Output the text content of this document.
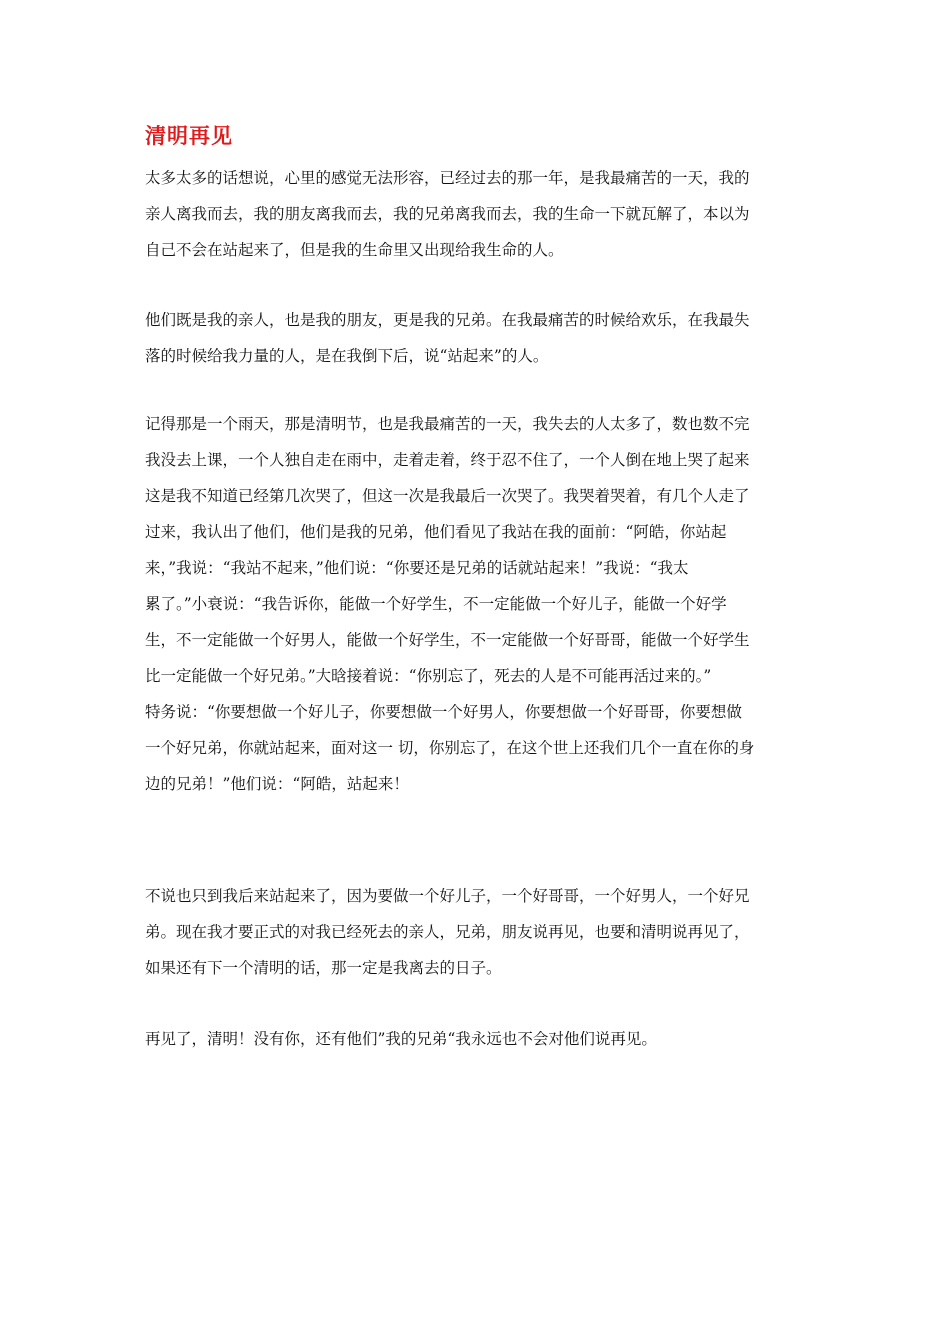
清明再见
太多太多的话想说，心里的感觉无法形容，已经过去的那一年，是我最痛苦的一天，我的
亲人离我而去，我的朋友离我而去，我的兄弟离我而去，我的生命一下就瓦解了，本以为
自己不会在站起来了，但是我的生命里又出现给我生命的人。
他们既是我的亲人，也是我的朋友，更是我的兄弟。在我最痛苦的时候给欢乐，在我最失
落的时候给我力量的人，是在我倒下后，说“站起来”的人。
记得那是一个雨天，那是清明节，也是我最痛苦的一天，我失去的人太多了，数也数不完
我没去上课，一个人独自走在雨中，走着走着，终于忍不住了，一个人倒在地上哭了起来
这是我不知道已经第几次哭了，但这一次是我最后一次哭了。我哭着哭着，有几个人走了
过来，我认出了他们，他们是我的兄弟，他们看见了我站在我的面前：“阿皓，你站起
来，”我说：“我站不起来，”他们说：“你要还是兄弟的话就站起来！”我说：“我太
累了。”小衰说：“我告诉你，能做一个好学生，不一定能做一个好儿子，能做一个好学
生，不一定能做一个好男人，能做一个好学生，不一定能做一个好哥哥，能做一个好学生
比一定能做一个好兄弟。”大晗接着说：“你别忘了，死去的人是不可能再活过来的。”
特务说：“你要想做一个好儿子，你要想做一个好男人，你要想做一个好哥哥，你要想做
一个好兄弟，你就站起来，面对这一 切，你别忘了，在这个世上还我们几个一直在你的身
边的兄弟！”他们说：“阿皓，站起来！
不说也只到我后来站起来了，因为要做一个好儿子，一个好哥哥，一个好男人，一个好兄
弟。现在我才要正式的对我已经死去的亲人，兄弟，朋友说再见，也要和清明说再见了，
如果还有下一个清明的话，那一定是我离去的日子。
再见了，清明！没有你，还有他们”我的兄弟“我永远也不会对他们说再见。
